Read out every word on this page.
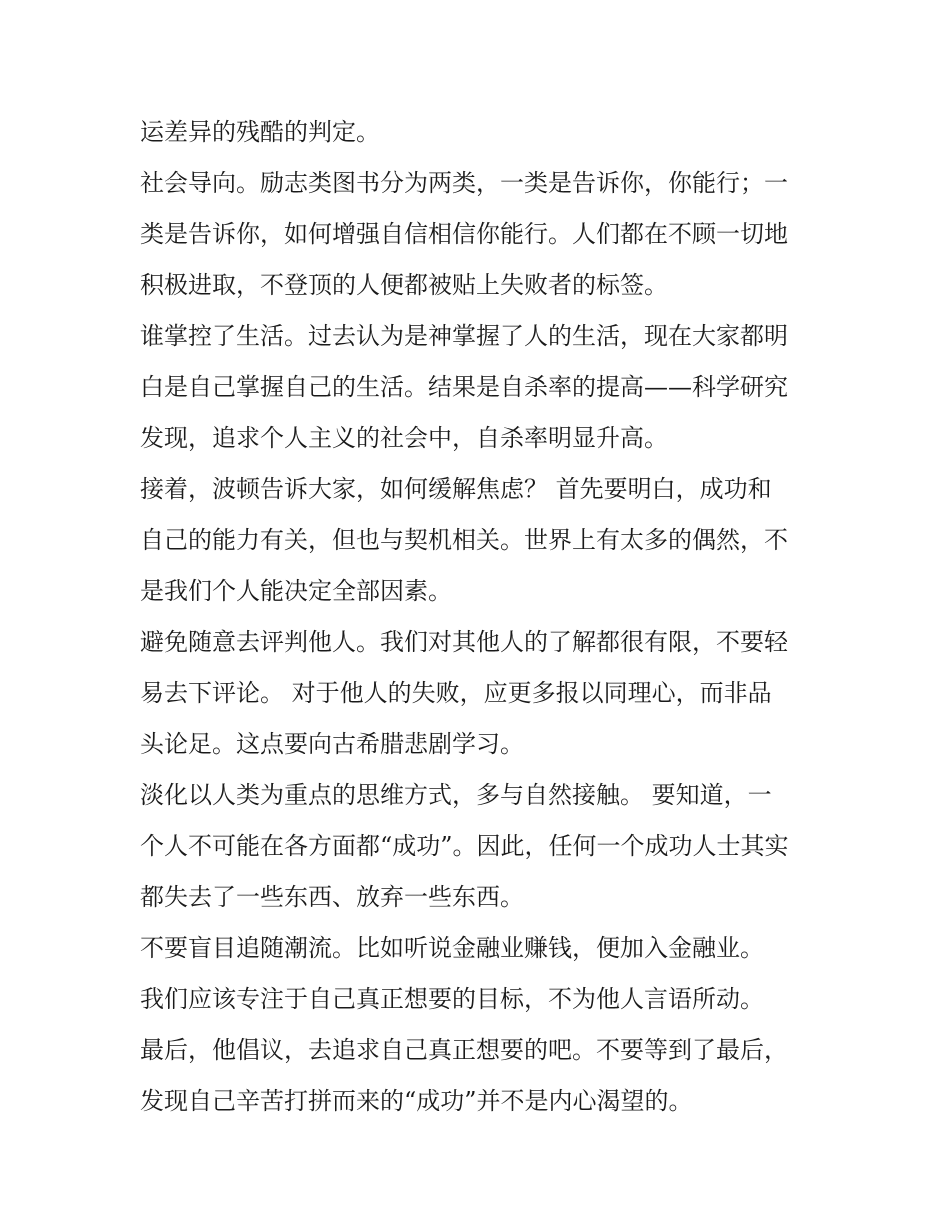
运差异的残酷的判定。

社会导向。励志类图书分为两类，一类是告诉你，你能行；一
类是告诉你，如何增强自信相信你能行。人们都在不顾一切地
积极进取，不登顶的人便都被贴上失败者的标签。

谁掌控了生活。过去认为是神掌握了人的生活，现在大家都明
白是自己掌握自己的生活。结果是自杀率的提高——科学研究
发现，追求个人主义的社会中，自杀率明显升高。

接着，波顿告诉大家，如何缓解焦虑？ 首先要明白，成功和
自己的能力有关，但也与契机相关。世界上有太多的偶然，不
是我们个人能决定全部因素。

避免随意去评判他人。我们对其他人的了解都很有限，不要轻
易去下评论。 对于他人的失败，应更多报以同理心，而非品
头论足。这点要向古希腊悲剧学习。

淡化以人类为重点的思维方式，多与自然接触。 要知道，一
个人不可能在各方面都“成功”。因此，任何一个成功人士其实
都失去了一些东西、放弃一些东西。

不要盲目追随潮流。比如听说金融业赚钱，便加入金融业。

我们应该专注于自己真正想要的目标，不为他人言语所动。

最后，他倡议，去追求自己真正想要的吧。不要等到了最后，
发现自己辛苦打拼而来的“成功”并不是内心渴望的。
